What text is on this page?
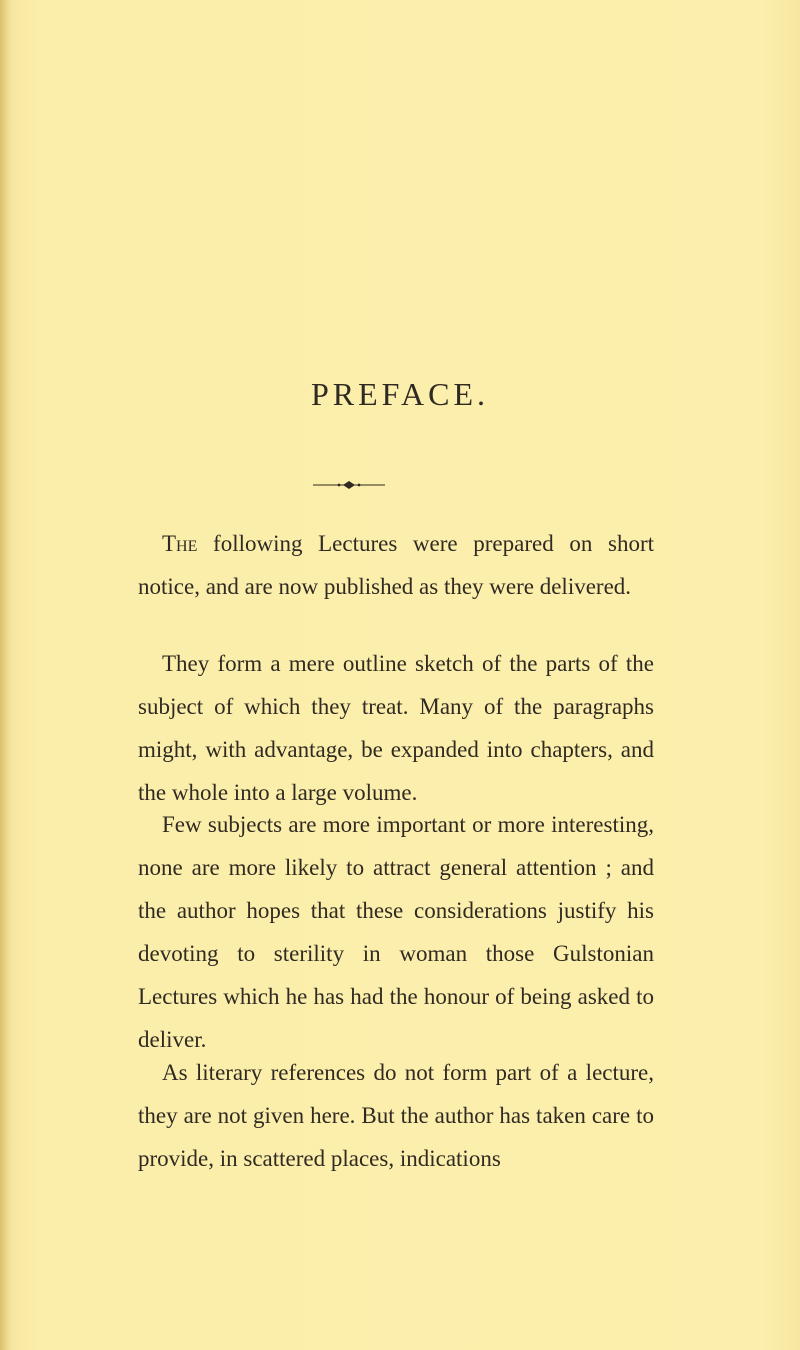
PREFACE.

The following Lectures were prepared on short notice, and are now published as they were delivered.

They form a mere outline sketch of the parts of the subject of which they treat. Many of the paragraphs might, with advantage, be expanded into chapters, and the whole into a large volume.

Few subjects are more important or more interesting, none are more likely to attract general attention ; and the author hopes that these considerations justify his devoting to sterility in woman those Gulstonian Lectures which he has had the honour of being asked to deliver.

As literary references do not form part of a lecture, they are not given here. But the author has taken care to provide, in scattered places, indications
